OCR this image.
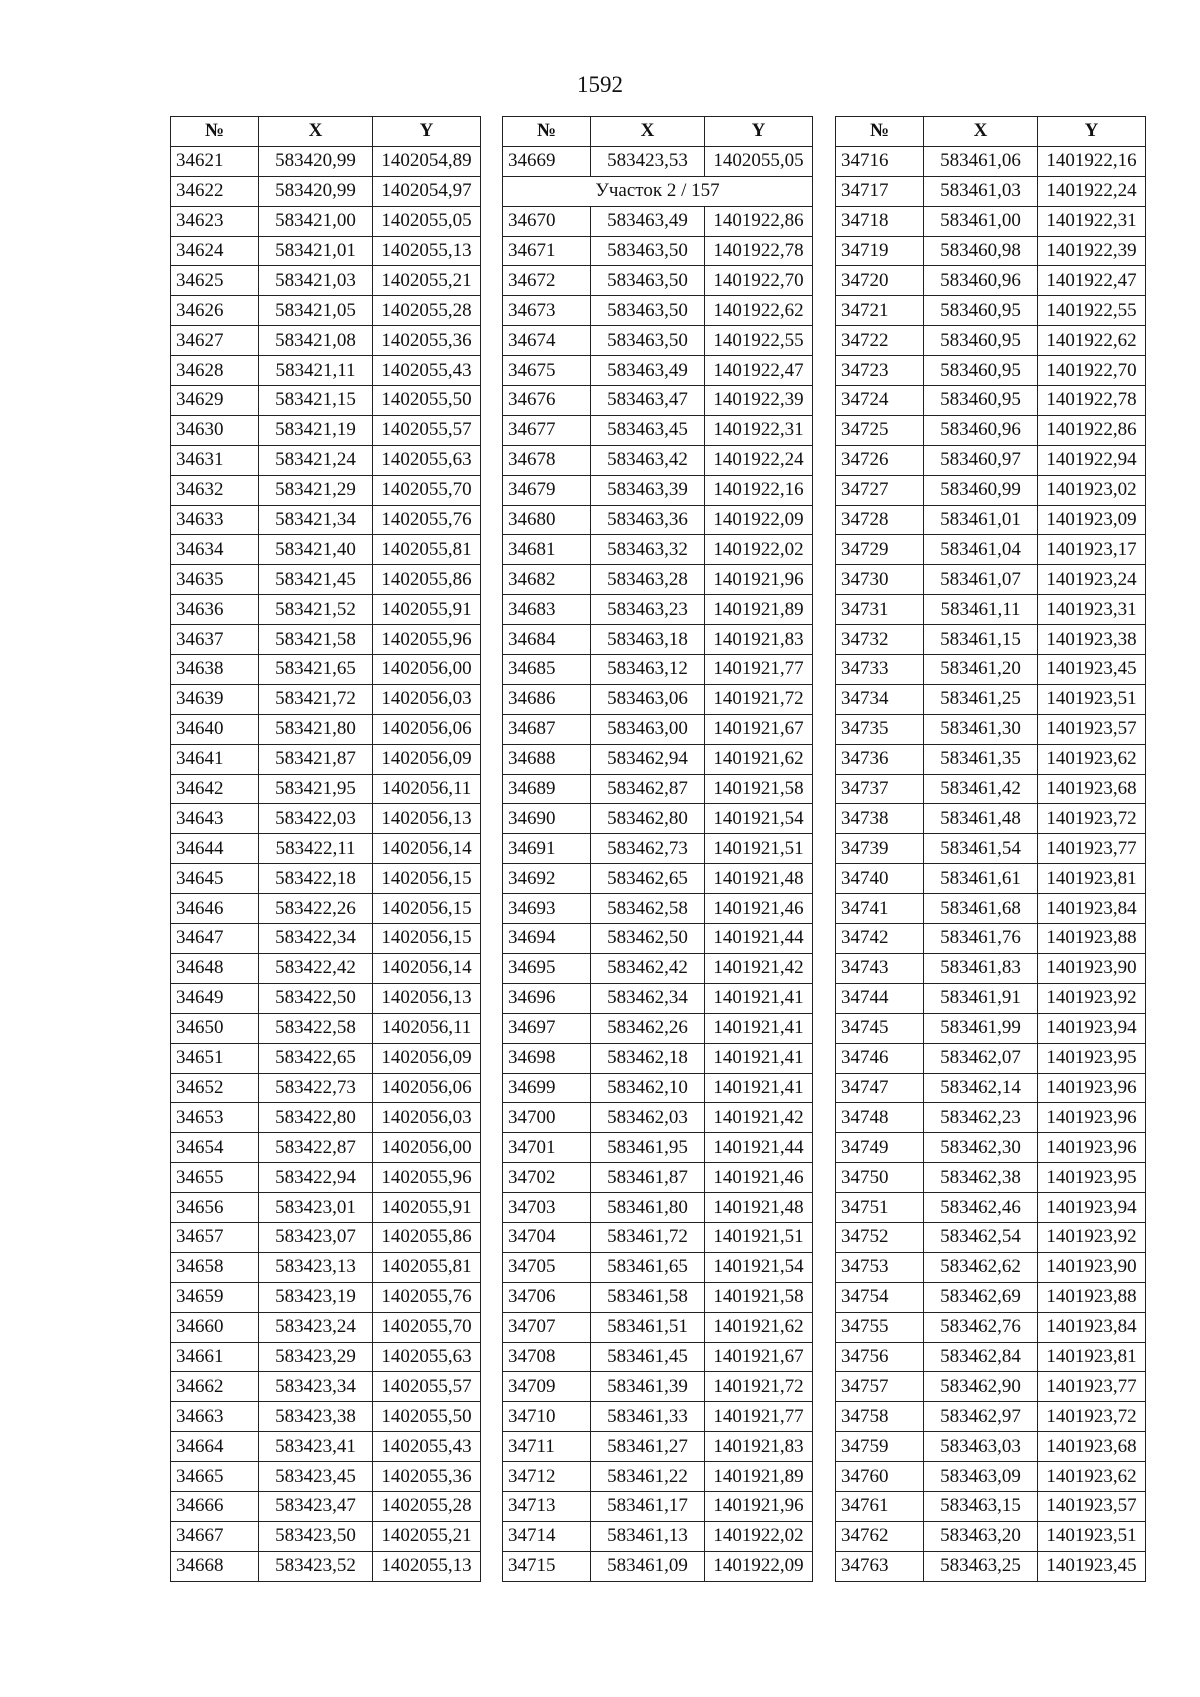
1592
№	X	Y
34621	583420,99	1402054,89
34622	583420,99	1402054,97
34623	583421,00	1402055,05
34624	583421,01	1402055,13
34625	583421,03	1402055,21
34626	583421,05	1402055,28
34627	583421,08	1402055,36
34628	583421,11	1402055,43
34629	583421,15	1402055,50
34630	583421,19	1402055,57
34631	583421,24	1402055,63
34632	583421,29	1402055,70
34633	583421,34	1402055,76
34634	583421,40	1402055,81
34635	583421,45	1402055,86
34636	583421,52	1402055,91
34637	583421,58	1402055,96
34638	583421,65	1402056,00
34639	583421,72	1402056,03
34640	583421,80	1402056,06
34641	583421,87	1402056,09
34642	583421,95	1402056,11
34643	583422,03	1402056,13
34644	583422,11	1402056,14
34645	583422,18	1402056,15
34646	583422,26	1402056,15
34647	583422,34	1402056,15
34648	583422,42	1402056,14
34649	583422,50	1402056,13
34650	583422,58	1402056,11
34651	583422,65	1402056,09
34652	583422,73	1402056,06
34653	583422,80	1402056,03
34654	583422,87	1402056,00
34655	583422,94	1402055,96
34656	583423,01	1402055,91
34657	583423,07	1402055,86
34658	583423,13	1402055,81
34659	583423,19	1402055,76
34660	583423,24	1402055,70
34661	583423,29	1402055,63
34662	583423,34	1402055,57
34663	583423,38	1402055,50
34664	583423,41	1402055,43
34665	583423,45	1402055,36
34666	583423,47	1402055,28
34667	583423,50	1402055,21
34668	583423,52	1402055,13
№	X	Y
34669	583423,53	1402055,05
Участок 2 / 157		
34670	583463,49	1401922,86
34671	583463,50	1401922,78
34672	583463,50	1401922,70
34673	583463,50	1401922,62
34674	583463,50	1401922,55
34675	583463,49	1401922,47
34676	583463,47	1401922,39
34677	583463,45	1401922,31
34678	583463,42	1401922,24
34679	583463,39	1401922,16
34680	583463,36	1401922,09
34681	583463,32	1401922,02
34682	583463,28	1401921,96
34683	583463,23	1401921,89
34684	583463,18	1401921,83
34685	583463,12	1401921,77
34686	583463,06	1401921,72
34687	583463,00	1401921,67
34688	583462,94	1401921,62
34689	583462,87	1401921,58
34690	583462,80	1401921,54
34691	583462,73	1401921,51
34692	583462,65	1401921,48
34693	583462,58	1401921,46
34694	583462,50	1401921,44
34695	583462,42	1401921,42
34696	583462,34	1401921,41
34697	583462,26	1401921,41
34698	583462,18	1401921,41
34699	583462,10	1401921,41
34700	583462,03	1401921,42
34701	583461,95	1401921,44
34702	583461,87	1401921,46
34703	583461,80	1401921,48
34704	583461,72	1401921,51
34705	583461,65	1401921,54
34706	583461,58	1401921,58
34707	583461,51	1401921,62
34708	583461,45	1401921,67
34709	583461,39	1401921,72
34710	583461,33	1401921,77
34711	583461,27	1401921,83
34712	583461,22	1401921,89
34713	583461,17	1401921,96
34714	583461,13	1401922,02
34715	583461,09	1401922,09
№	X	Y
34716	583461,06	1401922,16
34717	583461,03	1401922,24
34718	583461,00	1401922,31
34719	583460,98	1401922,39
34720	583460,96	1401922,47
34721	583460,95	1401922,55
34722	583460,95	1401922,62
34723	583460,95	1401922,70
34724	583460,95	1401922,78
34725	583460,96	1401922,86
34726	583460,97	1401922,94
34727	583460,99	1401923,02
34728	583461,01	1401923,09
34729	583461,04	1401923,17
34730	583461,07	1401923,24
34731	583461,11	1401923,31
34732	583461,15	1401923,38
34733	583461,20	1401923,45
34734	583461,25	1401923,51
34735	583461,30	1401923,57
34736	583461,35	1401923,62
34737	583461,42	1401923,68
34738	583461,48	1401923,72
34739	583461,54	1401923,77
34740	583461,61	1401923,81
34741	583461,68	1401923,84
34742	583461,76	1401923,88
34743	583461,83	1401923,90
34744	583461,91	1401923,92
34745	583461,99	1401923,94
34746	583462,07	1401923,95
34747	583462,14	1401923,96
34748	583462,23	1401923,96
34749	583462,30	1401923,96
34750	583462,38	1401923,95
34751	583462,46	1401923,94
34752	583462,54	1401923,92
34753	583462,62	1401923,90
34754	583462,69	1401923,88
34755	583462,76	1401923,84
34756	583462,84	1401923,81
34757	583462,90	1401923,77
34758	583462,97	1401923,72
34759	583463,03	1401923,68
34760	583463,09	1401923,62
34761	583463,15	1401923,57
34762	583463,20	1401923,51
34763	583463,25	1401923,45
